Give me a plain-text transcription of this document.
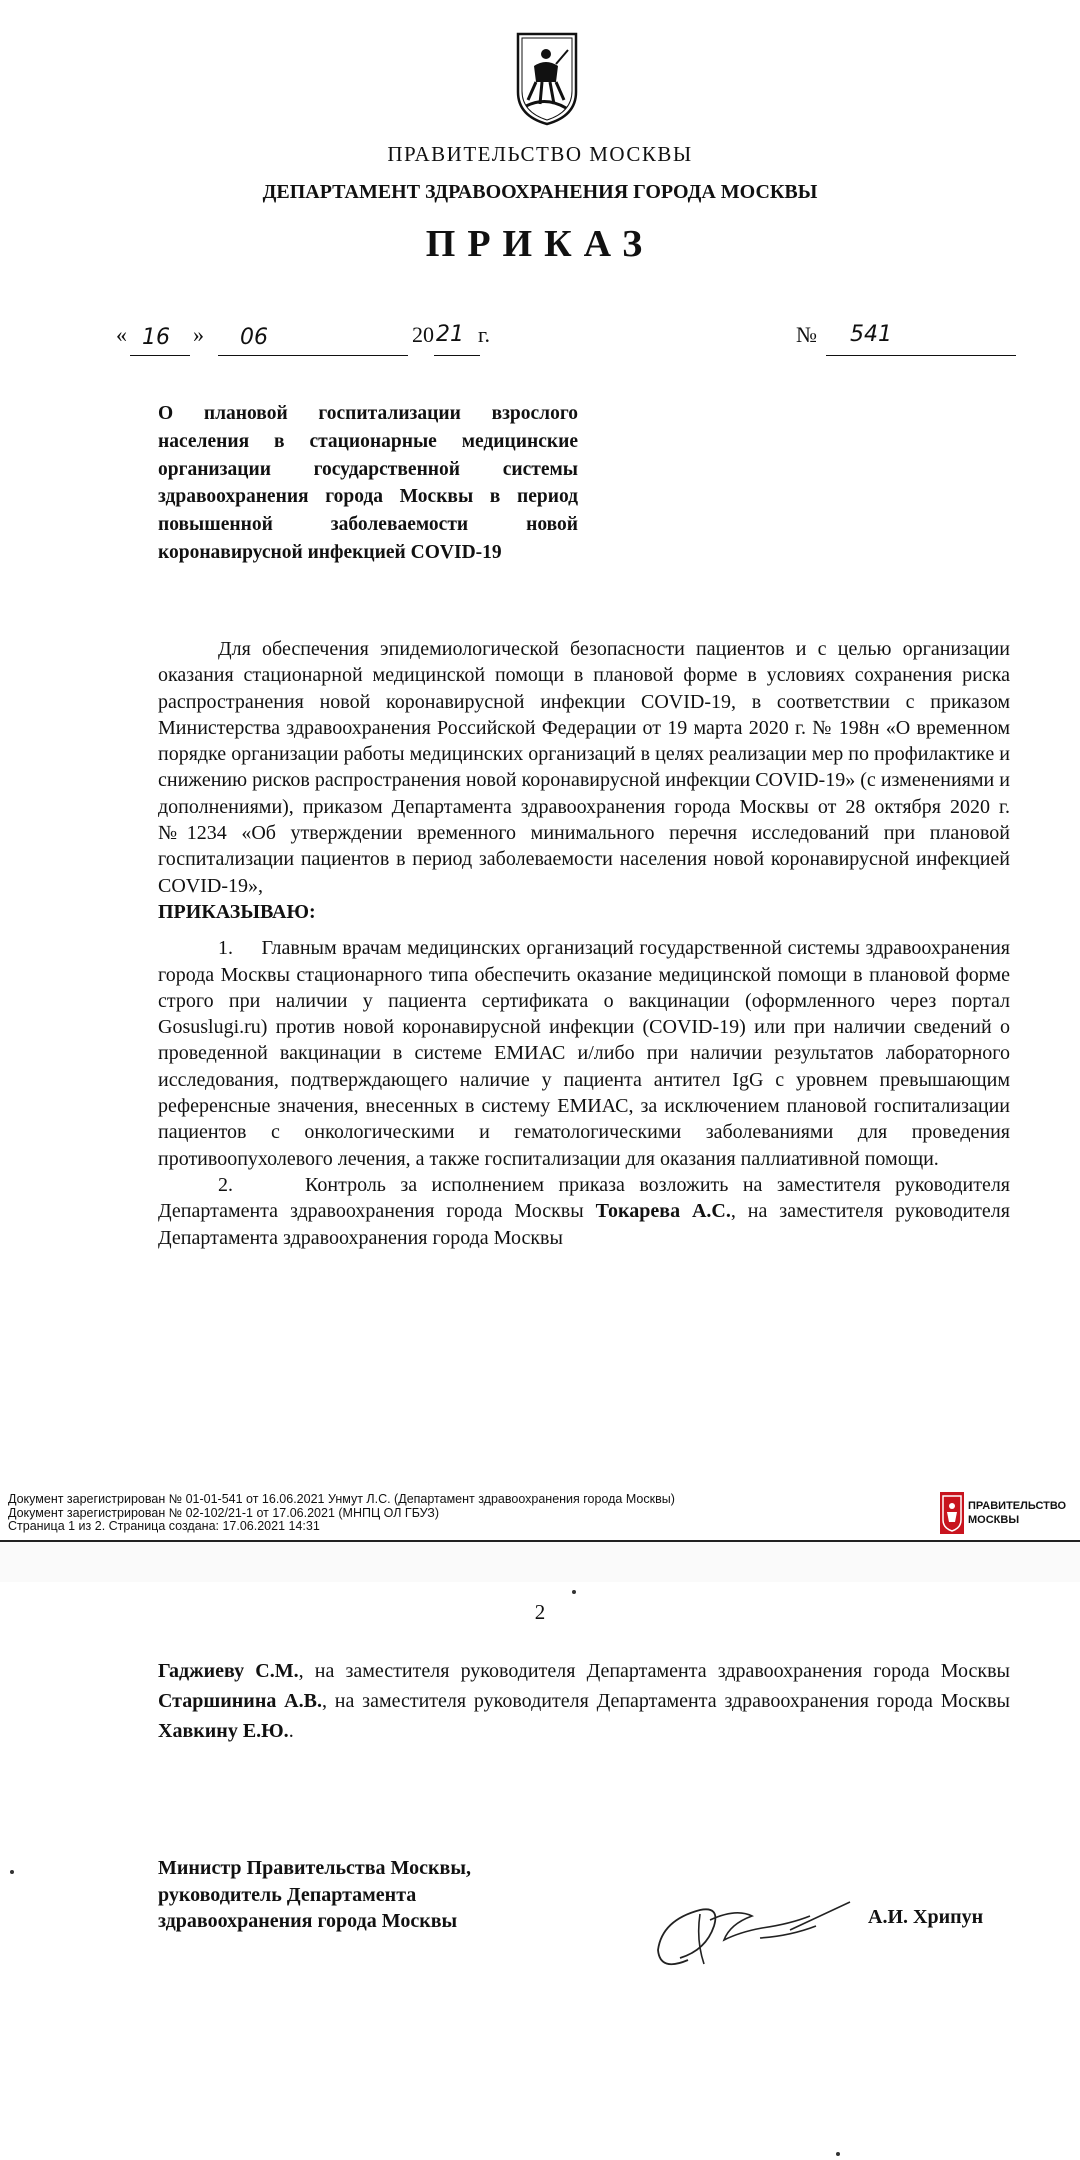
ПРАВИТЕЛЬСТВО МОСКВЫ
ДЕПАРТАМЕНТ ЗДРАВООХРАНЕНИЯ ГОРОДА МОСКВЫ
ПРИКАЗ
« 16 » 06	20 21 г.	№ 541
О плановой госпитализации взрослого населения в стационарные медицинские организации государственной системы здравоохранения города Москвы в период повышенной заболеваемости новой коронавирусной инфекцией COVID-19

Для обеспечения эпидемиологической безопасности пациентов и с целью организации оказания стационарной медицинской помощи в плановой форме в условиях сохранения риска распространения новой коронавирусной инфекции COVID-19, в соответствии с приказом Министерства здравоохранения Российской Федерации от 19 марта 2020 г. № 198н «О временном порядке организации работы медицинских организаций в целях реализации мер по профилактике и снижению рисков распространения новой коронавирусной инфекции COVID-19» (с изменениями и дополнениями), приказом Департамента здравоохранения города Москвы от 28 октября 2020 г. №1234 «Об утверждении временного минимального перечня исследований при плановой госпитализации пациентов в период заболеваемости населения новой коронавирусной инфекцией COVID-19»,

ПРИКАЗЫВАЮ:

1.     Главным врачам медицинских организаций государственной системы здравоохранения города Москвы стационарного типа обеспечить оказание медицинской помощи в плановой форме строго при наличии у пациента сертификата о вакцинации (оформленного через портал Gosuslugi.ru) против новой коронавирусной инфекции (COVID-19) или при наличии сведений о проведенной вакцинации в системе ЕМИАС и/либо при наличии результатов лабораторного исследования, подтверждающего наличие у пациента антител IgG с уровнем превышающим референсные значения, внесенных в систему ЕМИАС, за исключением плановой госпитализации пациентов с онкологическими и гематологическими заболеваниями для проведения противоопухолевого лечения, а также госпитализации для оказания паллиативной помощи.

2.     Контроль за исполнением приказа возложить на заместителя руководителя Департамента здравоохранения города Москвы Токарева А.С., на заместителя руководителя Департамента здравоохранения города Москвы

Документ зарегистрирован № 01-01-541 от 16.06.2021 Унмут Л.С. (Департамент здравоохранения города Москвы)
Документ зарегистрирован № 02-102/21-1 от 17.06.2021 (МНПЦ ОЛ ГБУЗ)
Страница 1 из 2. Страница создана: 17.06.2021 14:31
ПРАВИТЕЛЬСТВО
МОСКВЫ
2

Гаджиеву С.М., на заместителя руководителя Департамента здравоохранения города Москвы Старшинина А.В., на заместителя руководителя Департамента здравоохранения города Москвы Хавкину Е.Ю..

Министр Правительства Москвы,
руководитель Департамента
здравоохранения города Москвы	А.И. Хрипун
